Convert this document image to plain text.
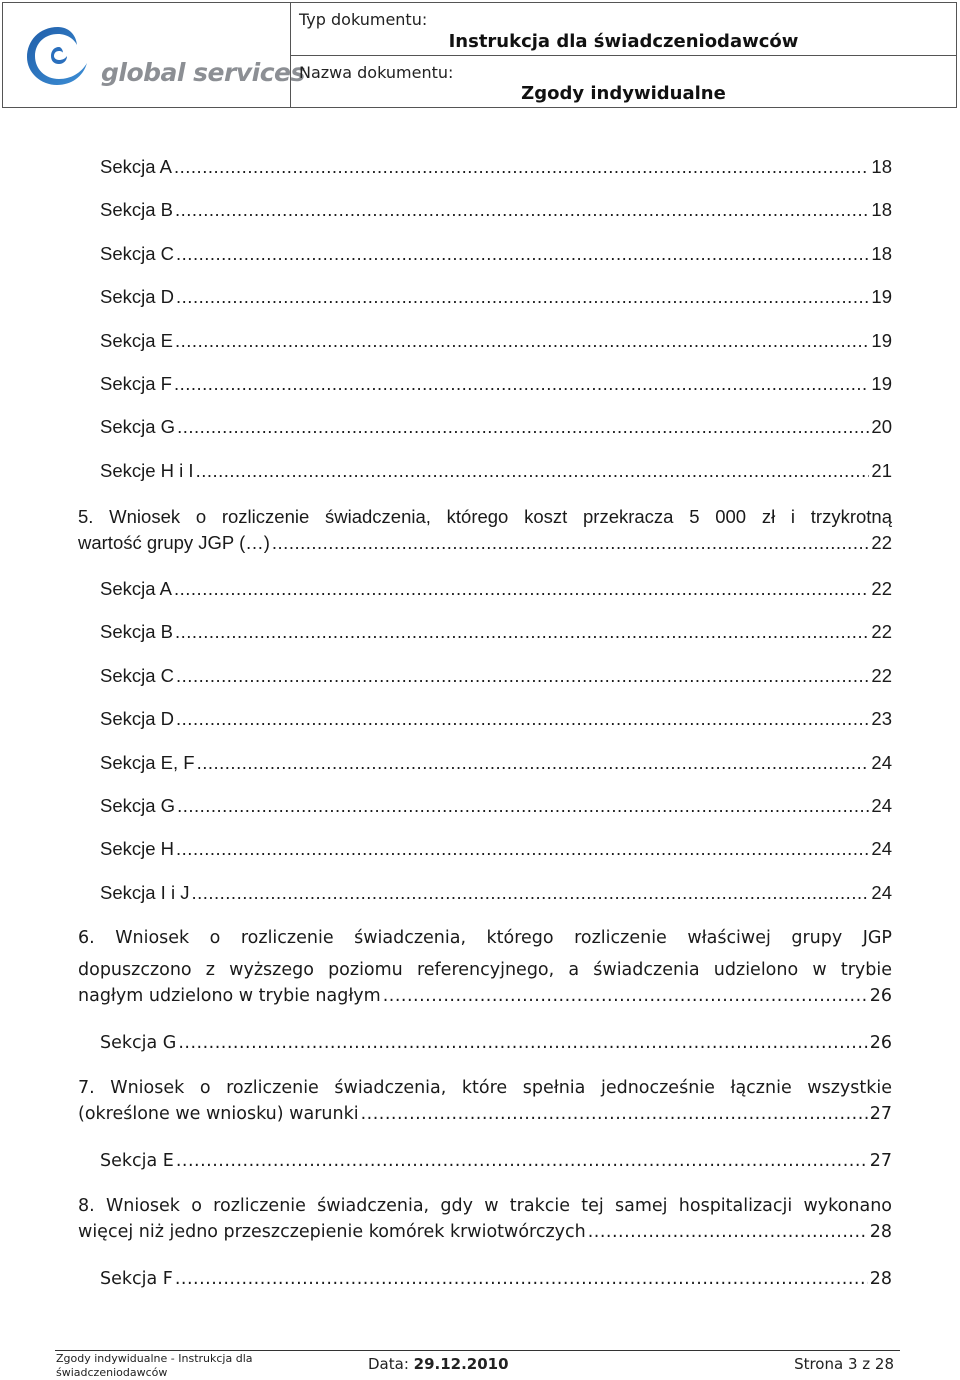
global services
Typ dokumentu:
Instrukcja dla świadczeniodawców
Nazwa dokumentu:
Zgody indywidualne
Sekcja A .....	18
Sekcja B .....	18
Sekcja C .....	18
Sekcja D .....	19
Sekcja E .....	19
Sekcja F .....	19
Sekcja G .....	20
Sekcje H i I .....	21
5. Wniosek o rozliczenie świadczenia, którego koszt przekracza 5 000 zł i trzykrotną
wartość grupy JGP (…) .....	22
Sekcja A .....	22
Sekcja B .....	22
Sekcja C .....	22
Sekcja D .....	23
Sekcja E, F .....	24
Sekcja G .....	24
Sekcje H .....	24
Sekcja I i J .....	24
6. Wniosek o rozliczenie świadczenia, którego rozliczenie właściwej grupy JGP
dopuszczono z wyższego poziomu referencyjnego, a świadczenia udzielono w trybie
nagłym udzielono w trybie nagłym .....	26
Sekcja G .....	26
7. Wniosek o rozliczenie świadczenia, które spełnia jednocześnie łącznie wszystkie
(określone we wniosku) warunki .....	27
Sekcja E .....	27
8. Wniosek o rozliczenie świadczenia, gdy w trakcie tej samej hospitalizacji wykonano
więcej niż jedno przeszczepienie komórek krwiotwórczych .....	28
Sekcja F .....	28
Zgody indywidualne - Instrukcja dla świadczeniodawców	Data: 29.12.2010	Strona 3 z 28
